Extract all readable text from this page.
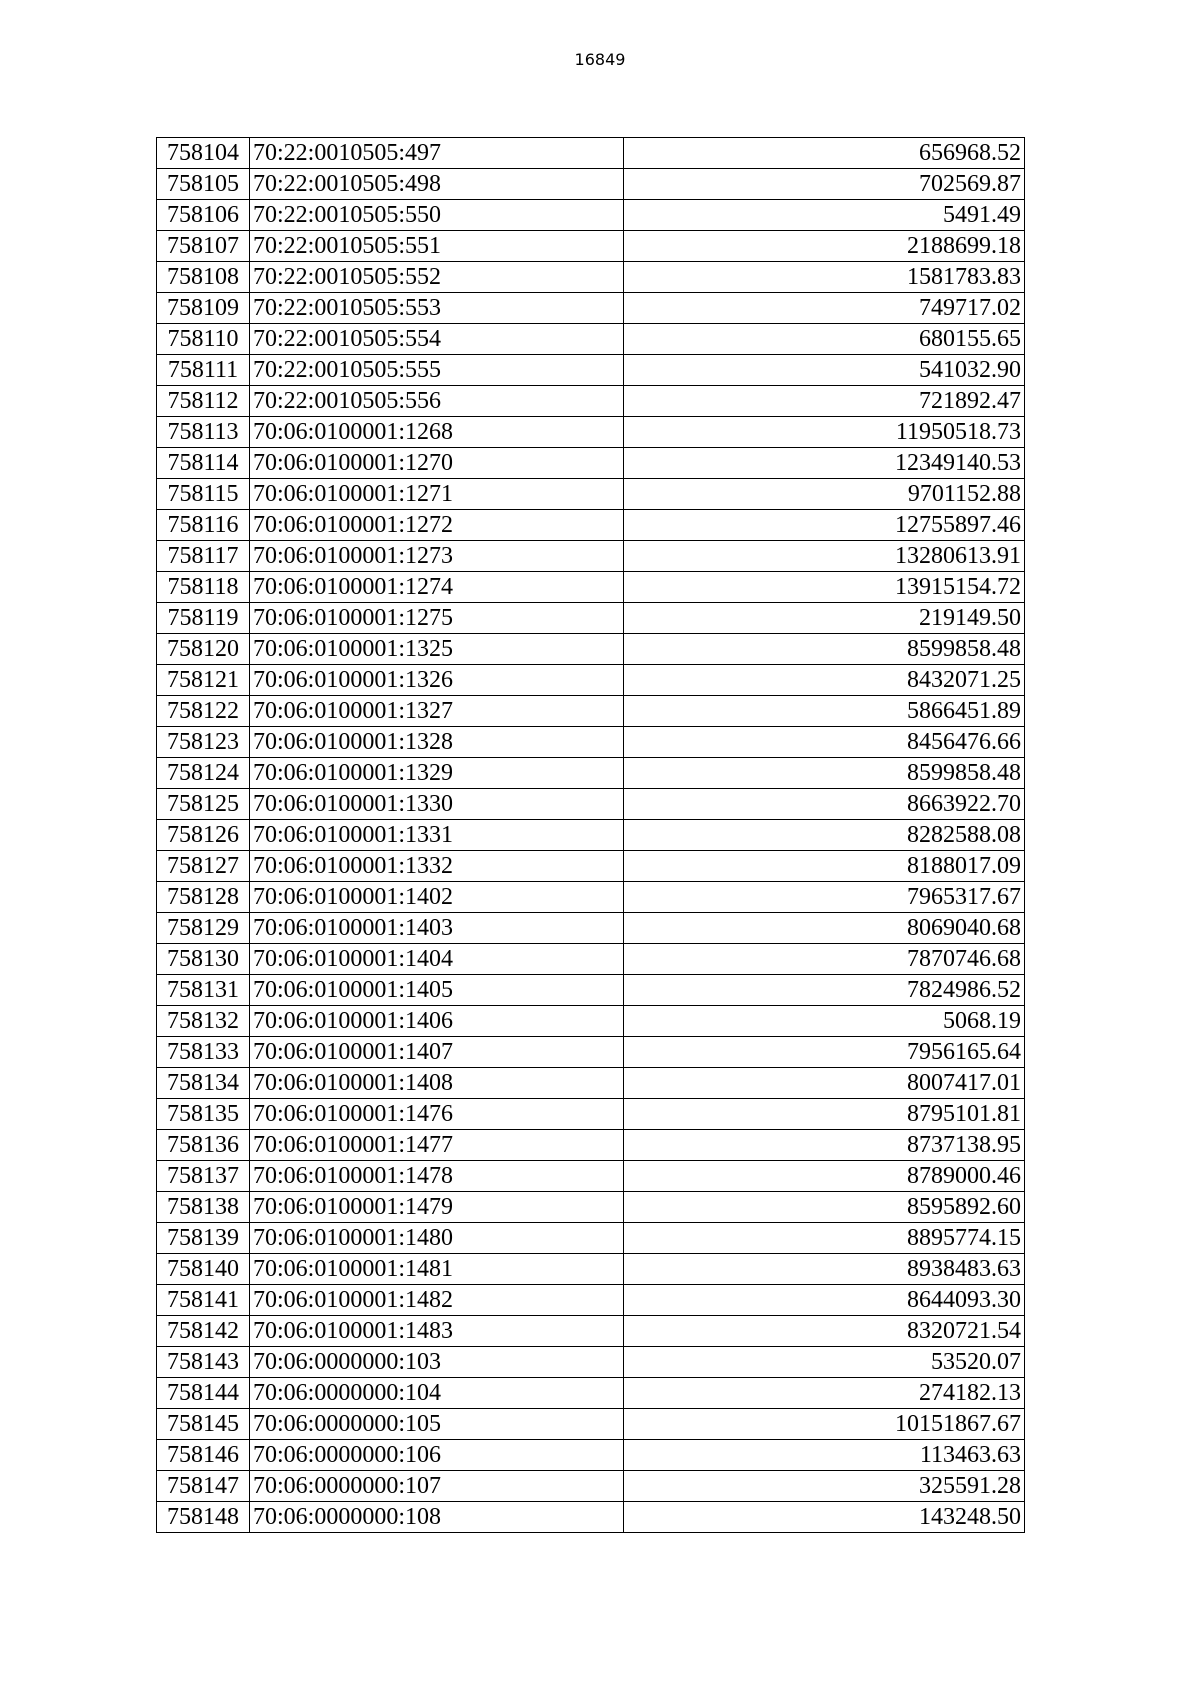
16849
758104	70:22:0010505:497	656968.52
758105	70:22:0010505:498	702569.87
758106	70:22:0010505:550	5491.49
758107	70:22:0010505:551	2188699.18
758108	70:22:0010505:552	1581783.83
758109	70:22:0010505:553	749717.02
758110	70:22:0010505:554	680155.65
758111	70:22:0010505:555	541032.90
758112	70:22:0010505:556	721892.47
758113	70:06:0100001:1268	11950518.73
758114	70:06:0100001:1270	12349140.53
758115	70:06:0100001:1271	9701152.88
758116	70:06:0100001:1272	12755897.46
758117	70:06:0100001:1273	13280613.91
758118	70:06:0100001:1274	13915154.72
758119	70:06:0100001:1275	219149.50
758120	70:06:0100001:1325	8599858.48
758121	70:06:0100001:1326	8432071.25
758122	70:06:0100001:1327	5866451.89
758123	70:06:0100001:1328	8456476.66
758124	70:06:0100001:1329	8599858.48
758125	70:06:0100001:1330	8663922.70
758126	70:06:0100001:1331	8282588.08
758127	70:06:0100001:1332	8188017.09
758128	70:06:0100001:1402	7965317.67
758129	70:06:0100001:1403	8069040.68
758130	70:06:0100001:1404	7870746.68
758131	70:06:0100001:1405	7824986.52
758132	70:06:0100001:1406	5068.19
758133	70:06:0100001:1407	7956165.64
758134	70:06:0100001:1408	8007417.01
758135	70:06:0100001:1476	8795101.81
758136	70:06:0100001:1477	8737138.95
758137	70:06:0100001:1478	8789000.46
758138	70:06:0100001:1479	8595892.60
758139	70:06:0100001:1480	8895774.15
758140	70:06:0100001:1481	8938483.63
758141	70:06:0100001:1482	8644093.30
758142	70:06:0100001:1483	8320721.54
758143	70:06:0000000:103	53520.07
758144	70:06:0000000:104	274182.13
758145	70:06:0000000:105	10151867.67
758146	70:06:0000000:106	113463.63
758147	70:06:0000000:107	325591.28
758148	70:06:0000000:108	143248.50
